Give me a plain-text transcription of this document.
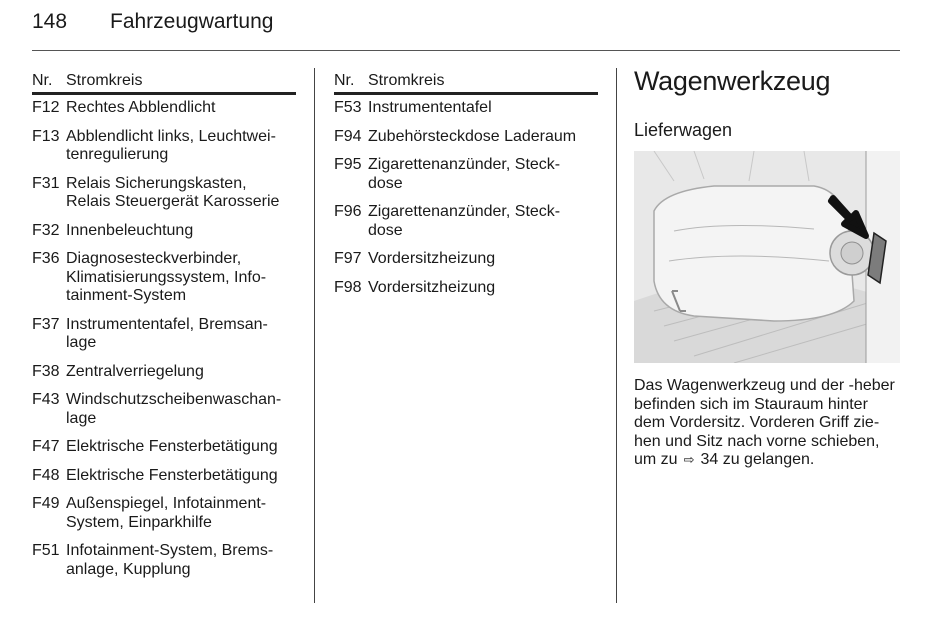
148 Fahrzeugwartung
Nr. Stromkreis
F12 Rechtes Abblendlicht
F13 Abblendlicht links, Leuchtwei-
tenregulierung
F31 Relais Sicherungskasten,
Relais Steuergerät Karosserie
F32 Innenbeleuchtung
F36 Diagnosesteckverbinder,
Klimatisierungssystem, Info-
tainment-System
F37 Instrumententafel, Bremsan-
lage
F38 Zentralverriegelung
F43 Windschutzscheibenwaschan-
lage
F47 Elektrische Fensterbetätigung
F48 Elektrische Fensterbetätigung
F49 Außenspiegel, Infotainment-
System, Einparkhilfe
F51 Infotainment-System, Brems-
anlage, Kupplung
Nr. Stromkreis
F53 Instrumententafel
F94 Zubehörsteckdose Laderaum
F95 Zigarettenanzünder, Steck-
dose
F96 Zigarettenanzünder, Steck-
dose
F97 Vordersitzheizung
F98 Vordersitzheizung
Wagenwerkzeug
Lieferwagen
Das Wagenwerkzeug und der -heber
befinden sich im Stauraum hinter
dem Vordersitz. Vorderen Griff zie-
hen und Sitz nach vorne schieben,
um zu ⇨ 34 zu gelangen.
